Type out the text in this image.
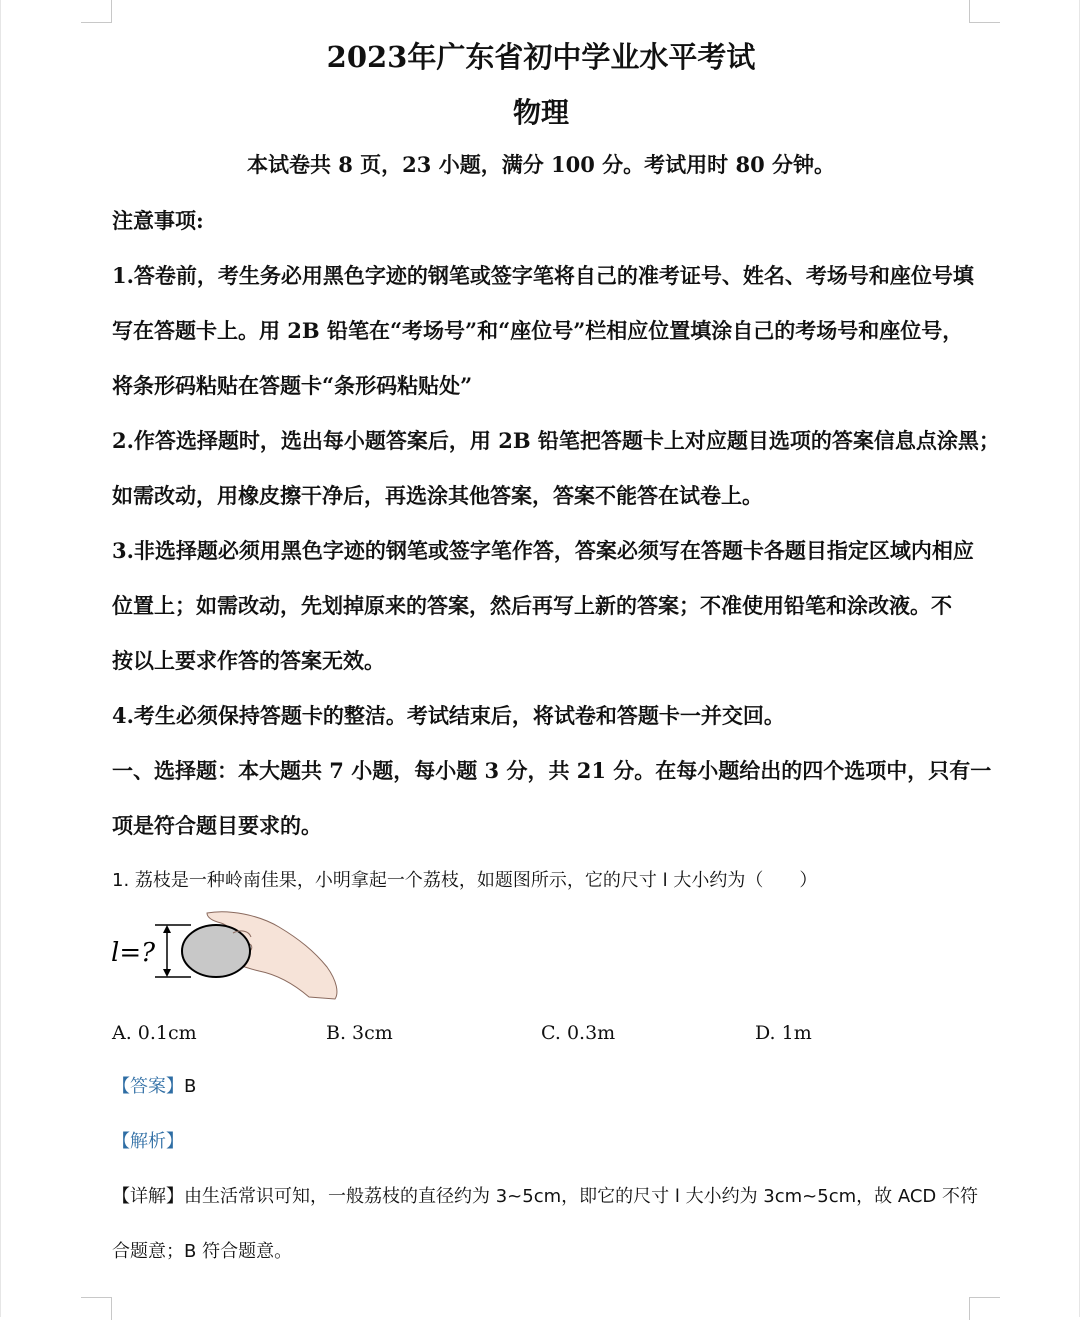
2023年广东省初中学业水平考试
物理
本试卷共 8 页，23 小题，满分 100 分。考试用时 80 分钟。
注意事项:
1.答卷前，考生务必用黑色字迹的钢笔或签字笔将自己的准考证号、姓名、考场号和座位号填
写在答题卡上。用 2B 铅笔在“考场号”和“座位号”栏相应位置填涂自己的考场号和座位号，
将条形码粘贴在答题卡“条形码粘贴处”
2.作答选择题时，选出每小题答案后，用 2B 铅笔把答题卡上对应题目选项的答案信息点涂黑；
如需改动，用橡皮擦干净后，再选涂其他答案，答案不能答在试卷上。
3.非选择题必须用黑色字迹的钢笔或签字笔作答，答案必须写在答题卡各题目指定区域内相应
位置上；如需改动，先划掉原来的答案，然后再写上新的答案；不准使用铅笔和涂改液。不
按以上要求作答的答案无效。
4.考生必须保持答题卡的整洁。考试结束后，将试卷和答题卡一并交回。
一、选择题：本大题共 7 小题，每小题 3 分，共 21 分。在每小题给出的四个选项中，只有一
项是符合题目要求的。
1. 荔枝是一种岭南佳果，小明拿起一个荔枝，如题图所示，它的尺寸 l 大小约为（　　）
l=?
A. 0.1cm	B. 3cm	C. 0.3m	D. 1m
【答案】B
【解析】
【详解】由生活常识可知，一般荔枝的直径约为 3~5cm，即它的尺寸 l 大小约为 3cm~5cm，故 ACD 不符
合题意；B 符合题意。
